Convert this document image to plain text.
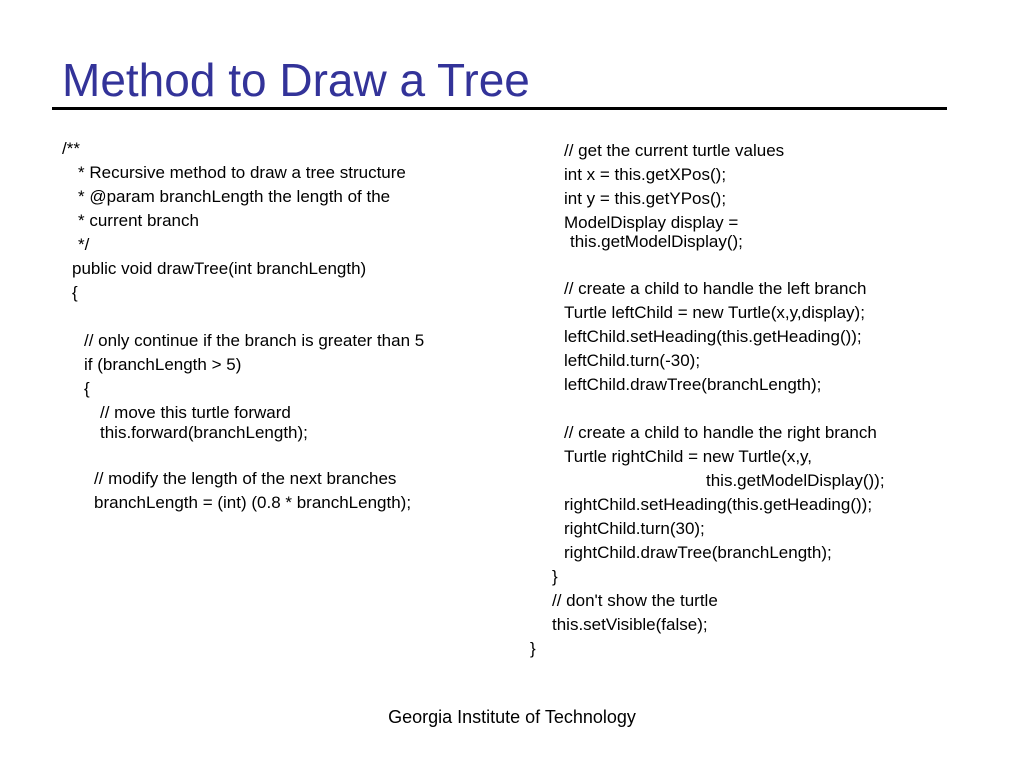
Method to Draw a Tree
/**
* Recursive method to draw a tree structure
* @param branchLength the length of the
* current branch
*/
public void drawTree(int branchLength)
{
// only continue if the branch is greater than 5
if (branchLength > 5)
{
// move this turtle forward
this.forward(branchLength);
// modify the length of the next branches
branchLength = (int) (0.8 * branchLength);
// get the current turtle values
int x = this.getXPos();
int y = this.getYPos();
ModelDisplay display =
this.getModelDisplay();
// create a child to handle the left branch
Turtle leftChild = new Turtle(x,y,display);
leftChild.setHeading(this.getHeading());
leftChild.turn(-30);
leftChild.drawTree(branchLength);
// create a child to handle the right branch
Turtle rightChild = new Turtle(x,y,
this.getModelDisplay());
rightChild.setHeading(this.getHeading());
rightChild.turn(30);
rightChild.drawTree(branchLength);
}
// don't show the turtle
this.setVisible(false);
}
Georgia Institute of Technology
